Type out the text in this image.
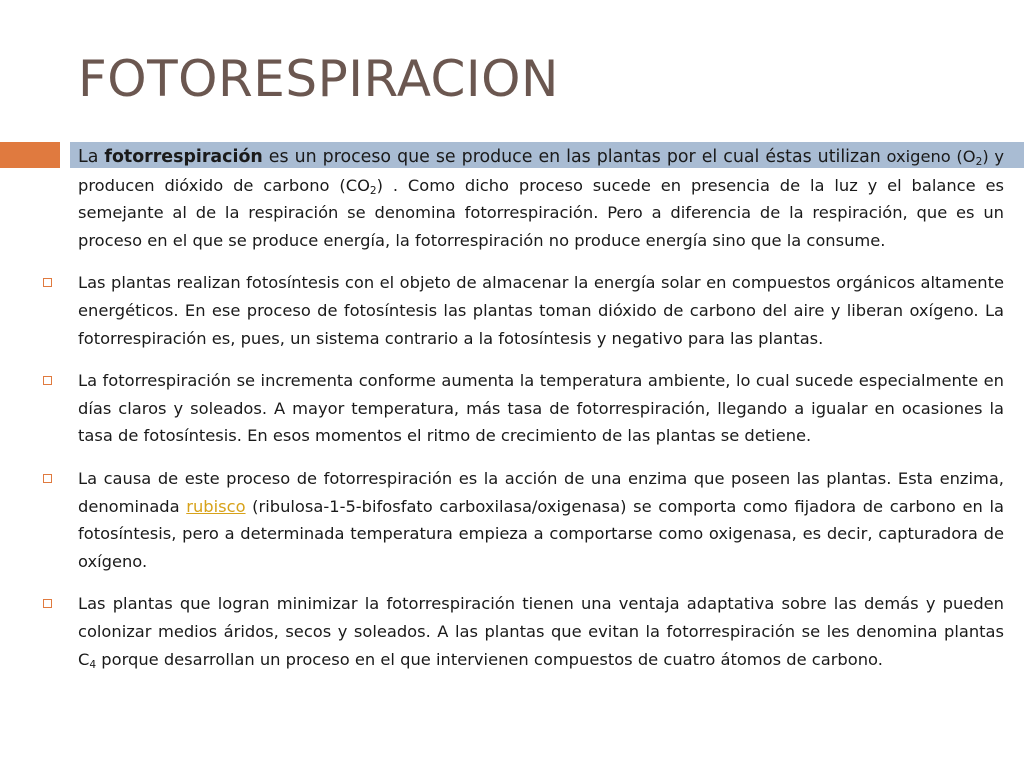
FOTORESPIRACION

La fotorrespiración es un proceso que se produce en las plantas por el cual éstas utilizan oxigeno $(O_2)$ y producen dióxido de carbono $(CO_2)$ . Como dicho proceso sucede en presencia de la luz y el balance es semejante al de la respiración se denomina fotorrespiración. Pero a diferencia de la respiración, que es un proceso en el que se produce energía, la fotorrespiración no produce energía sino que la consume.

Las plantas realizan fotosíntesis con el objeto de almacenar la energía solar en compuestos orgánicos altamente energéticos. En ese proceso de fotosíntesis las plantas toman dióxido de carbono del aire y liberan oxígeno. La fotorrespiración es, pues, un sistema contrario a la fotosíntesis y negativo para las plantas.

La fotorrespiración se incrementa conforme aumenta la temperatura ambiente, lo cual sucede especialmente en días claros y soleados. A mayor temperatura, más tasa de fotorrespiración, llegando a igualar en ocasiones la tasa de fotosíntesis. En esos momentos el ritmo de crecimiento de las plantas se detiene.

La causa de este proceso de fotorrespiración es la acción de una enzima que poseen las plantas. Esta enzima, denominada rubisco (ribulosa-1-5-bifosfato carboxilasa/oxigenasa) se comporta como fijadora de carbono en la fotosíntesis, pero a determinada temperatura empieza a comportarse como oxigenasa, es decir, capturadora de oxígeno.

Las plantas que logran minimizar la fotorrespiración tienen una ventaja adaptativa sobre las demás y pueden colonizar medios áridos, secos y soleados. A las plantas que evitan la fotorrespiración se les denomina plantas $C_4$ porque desarrollan un proceso en el que intervienen compuestos de cuatro átomos de carbono.
